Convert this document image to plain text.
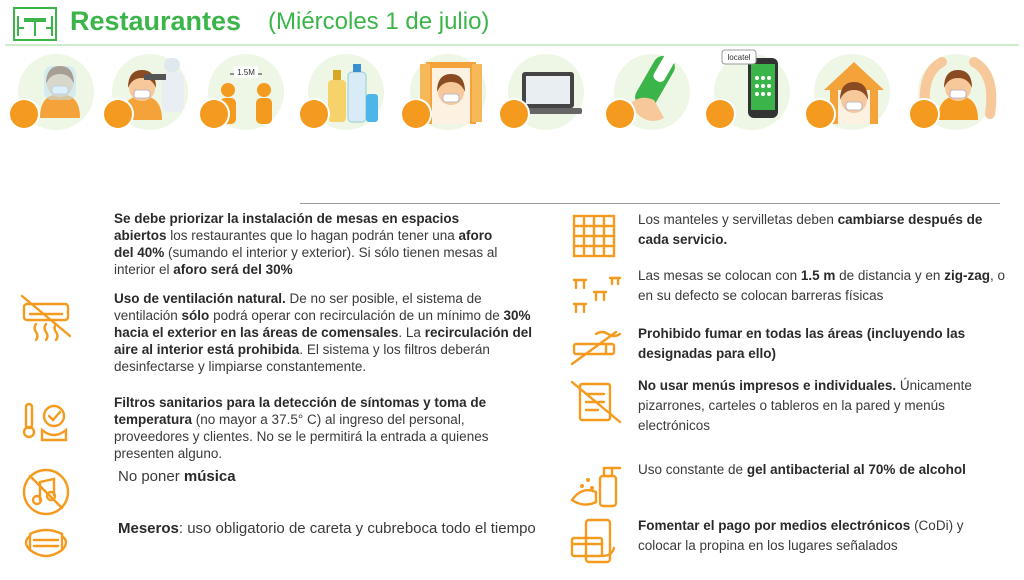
Restaurantes (Miércoles 1 de julio)
1.5M
locatel
Se debe priorizar la instalación de mesas en espacios abiertos los restaurantes que lo hagan podrán tener una aforo del 40% (sumando el interior y exterior). Si sólo tienen mesas al interior el aforo será del 30%
Uso de ventilación natural. De no ser posible, el sistema de ventilación sólo podrá operar con recirculación de un mínimo de 30% hacia el exterior en las áreas de comensales. La recirculación del aire al interior está prohibida. El sistema y los filtros deberán desinfectarse y limpiarse constantemente.
Filtros sanitarios para la detección de síntomas y toma de temperatura (no mayor a 37.5° C) al ingreso del personal, proveedores y clientes. No se le permitirá la entrada a quienes presenten alguno.
No poner música
Meseros: uso obligatorio de careta y cubreboca todo el tiempo
Los manteles y servilletas deben cambiarse después de cada servicio.
Las mesas se colocan con 1.5 m de distancia y en zig-zag, o en su defecto se colocan barreras físicas
Prohibido fumar en todas las áreas (incluyendo las designadas para ello)
No usar menús impresos e individuales. Únicamente pizarrones, carteles o tableros en la pared y menús electrónicos
Uso constante de gel antibacterial al 70% de alcohol
Fomentar el pago por medios electrónicos (CoDi) y colocar la propina en los lugares señalados
